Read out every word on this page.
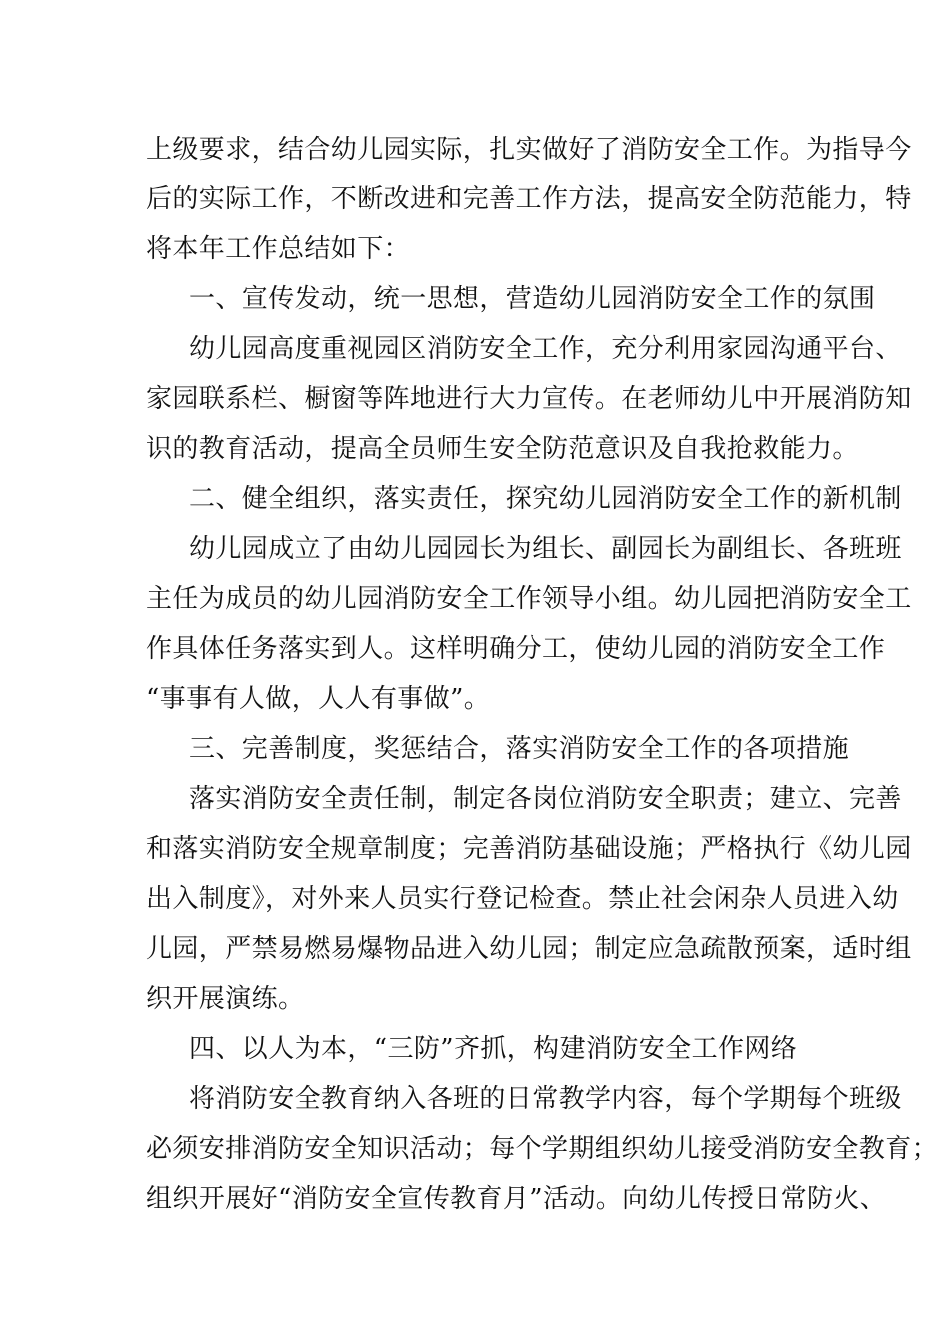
上级要求，结合幼儿园实际，扎实做好了消防安全工作。为指导今
后的实际工作，不断改进和完善工作方法，提高安全防范能力，特
将本年工作总结如下：
一、宣传发动，统一思想，营造幼儿园消防安全工作的氛围
幼儿园高度重视园区消防安全工作，充分利用家园沟通平台、
家园联系栏、橱窗等阵地进行大力宣传。在老师幼儿中开展消防知
识的教育活动，提高全员师生安全防范意识及自我抢救能力。
二、健全组织，落实责任，探究幼儿园消防安全工作的新机制
幼儿园成立了由幼儿园园长为组长、副园长为副组长、各班班
主任为成员的幼儿园消防安全工作领导小组。幼儿园把消防安全工
作具体任务落实到人。这样明确分工，使幼儿园的消防安全工作
“事事有人做，人人有事做”。
三、完善制度，奖惩结合，落实消防安全工作的各项措施
落实消防安全责任制，制定各岗位消防安全职责；建立、完善
和落实消防安全规章制度；完善消防基础设施；严格执行《幼儿园
出入制度》，对外来人员实行登记检查。禁止社会闲杂人员进入幼
儿园，严禁易燃易爆物品进入幼儿园；制定应急疏散预案，适时组
织开展演练。
四、以人为本，“三防”齐抓，构建消防安全工作网络
将消防安全教育纳入各班的日常教学内容，每个学期每个班级
必须安排消防安全知识活动；每个学期组织幼儿接受消防安全教育；
组织开展好“消防安全宣传教育月”活动。向幼儿传授日常防火、
